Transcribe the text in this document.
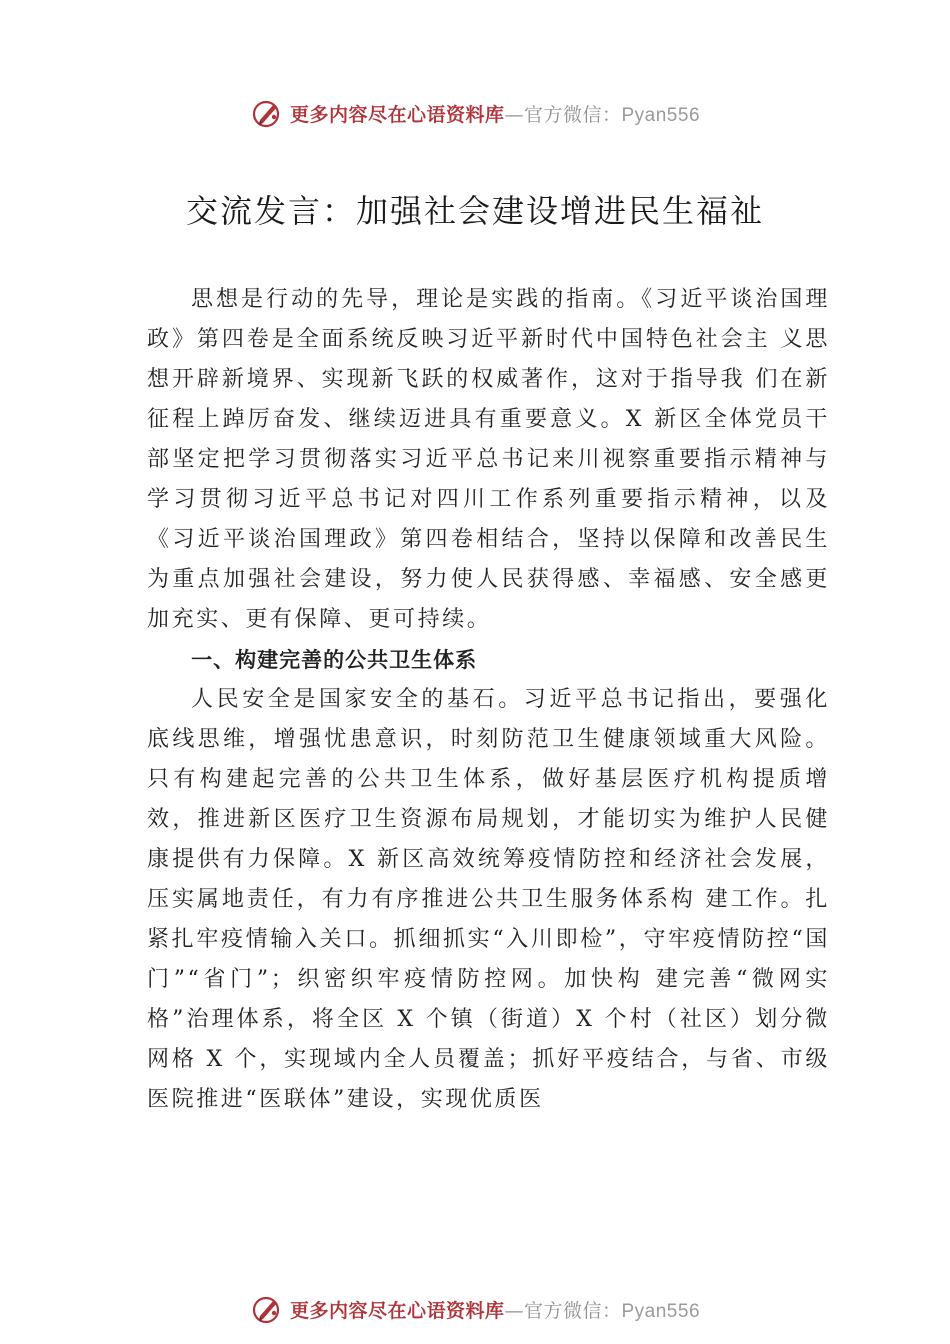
更多内容尽在心语资料库—官方微信：Pyan556
交流发言：加强社会建设增进民生福祉

思想是行动的先导，理论是实践的指南。《习近平谈治国理政》第四卷是全面系统反映习近平新时代中国特色社会主 义思想开辟新境界、实现新飞跃的权威著作，这对于指导我 们在新征程上踔厉奋发、继续迈进具有重要意义。X 新区全体党员干部坚定把学习贯彻落实习近平总书记来川视察重要指示精神与学习贯彻习近平总书记对四川工作系列重要指示精神，以及《习近平谈治国理政》第四卷相结合，坚持以保障和改善民生为重点加强社会建设，努力使人民获得感、幸福感、安全感更加充实、更有保障、更可持续。

一、构建完善的公共卫生体系

人民安全是国家安全的基石。习近平总书记指出，要强化底线思维，增强忧患意识，时刻防范卫生健康领域重大风险。只有构建起完善的公共卫生体系，做好基层医疗机构提质增效，推进新区医疗卫生资源布局规划，才能切实为维护人民健康提供有力保障。X 新区高效统筹疫情防控和经济社会发展，压实属地责任，有力有序推进公共卫生服务体系构 建工作。扎紧扎牢疫情输入关口。抓细抓实“入川即检”，守牢疫情防控“国门”“省门”；织密织牢疫情防控网。加快构 建完善“微网实格”治理体系，将全区 X 个镇（街道）X 个村（社区）划分微网格 X 个，实现域内全人员覆盖；抓好平疫结合，与省、市级医院推进“医联体”建设，实现优质医

更多内容尽在心语资料库—官方微信：Pyan556
